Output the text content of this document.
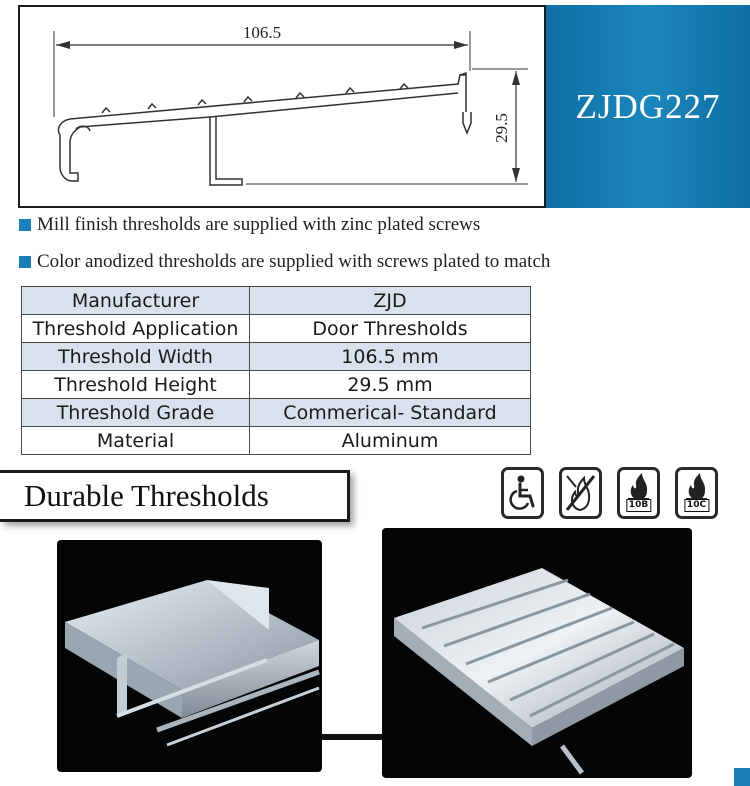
106.5
29.5
ZJDG227
Mill finish thresholds are supplied with zinc plated screws
Color anodized thresholds are supplied with screws plated to match
Manufacturer	ZJD
Threshold Application	Door Thresholds
Threshold Width	106.5 mm
Threshold Height	29.5 mm
Threshold Grade	Commerical- Standard
Material	Aluminum
Durable Thresholds	10B	10C
